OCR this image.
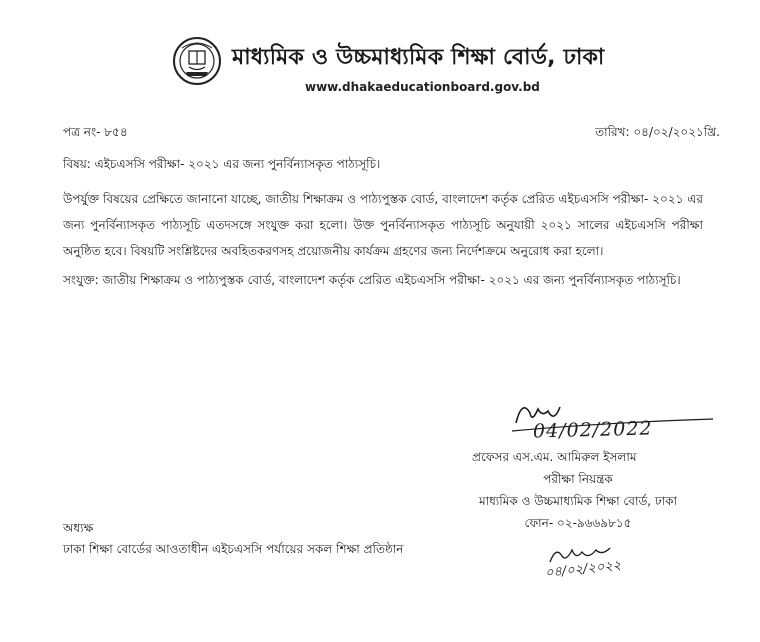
মাধ্যমিক ও উচ্চমাধ্যমিক শিক্ষা বোর্ড, ঢাকা
www.dhakaeducationboard.gov.bd
পত্র নং- ৮৫৪	তারিখ: ০৪/০২/২০২১খ্রি.
বিষয়: এইচএসসি পরীক্ষা- ২০২১ এর জন্য পুনর্বিন্যাসকৃত পাঠ্যসূচি।
উপর্যুক্ত বিষয়ের প্রেক্ষিতে জানানো যাচ্ছে, জাতীয় শিক্ষাক্রম ও পাঠ্যপুস্তক বোর্ড, বাংলাদেশ কর্তৃক প্রেরিত এইচএসসি পরীক্ষা- ২০২১ এর জন্য পুনর্বিন্যাসকৃত পাঠ্যসূচি এতদসঙ্গে সংযুক্ত করা হলো। উক্ত পুনর্বিন্যাসকৃত পাঠ্যসূচি অনুযায়ী ২০২১ সালের এইচএসসি পরীক্ষা অনুষ্ঠিত হবে। বিষয়টি সংশ্লিষ্টদের অবহিতকরণসহ প্রয়োজনীয় কার্যক্রম গ্রহণের জন্য নির্দেশক্রমে অনুরোধ করা হলো।
সংযুক্ত: জাতীয় শিক্ষাক্রম ও পাঠ্যপুস্তক বোর্ড, বাংলাদেশ কর্তৃক প্রেরিত এইচএসসি পরীক্ষা- ২০২১ এর জন্য পুনর্বিন্যাসকৃত পাঠ্যসূচি।
04/02/2022
প্রফেসর এস.এম. আমিরুল ইসলাম
পরীক্ষা নিয়ন্ত্রক
মাধ্যমিক ও উচ্চমাধ্যমিক শিক্ষা বোর্ড, ঢাকা
ফোন- ০২-৯৬৬৯৮১৫
অধ্যক্ষ
ঢাকা শিক্ষা বোর্ডের আওতাধীন এইচএসসি পর্যায়ের সকল শিক্ষা প্রতিষ্ঠান
০৪/০২/২০২২
